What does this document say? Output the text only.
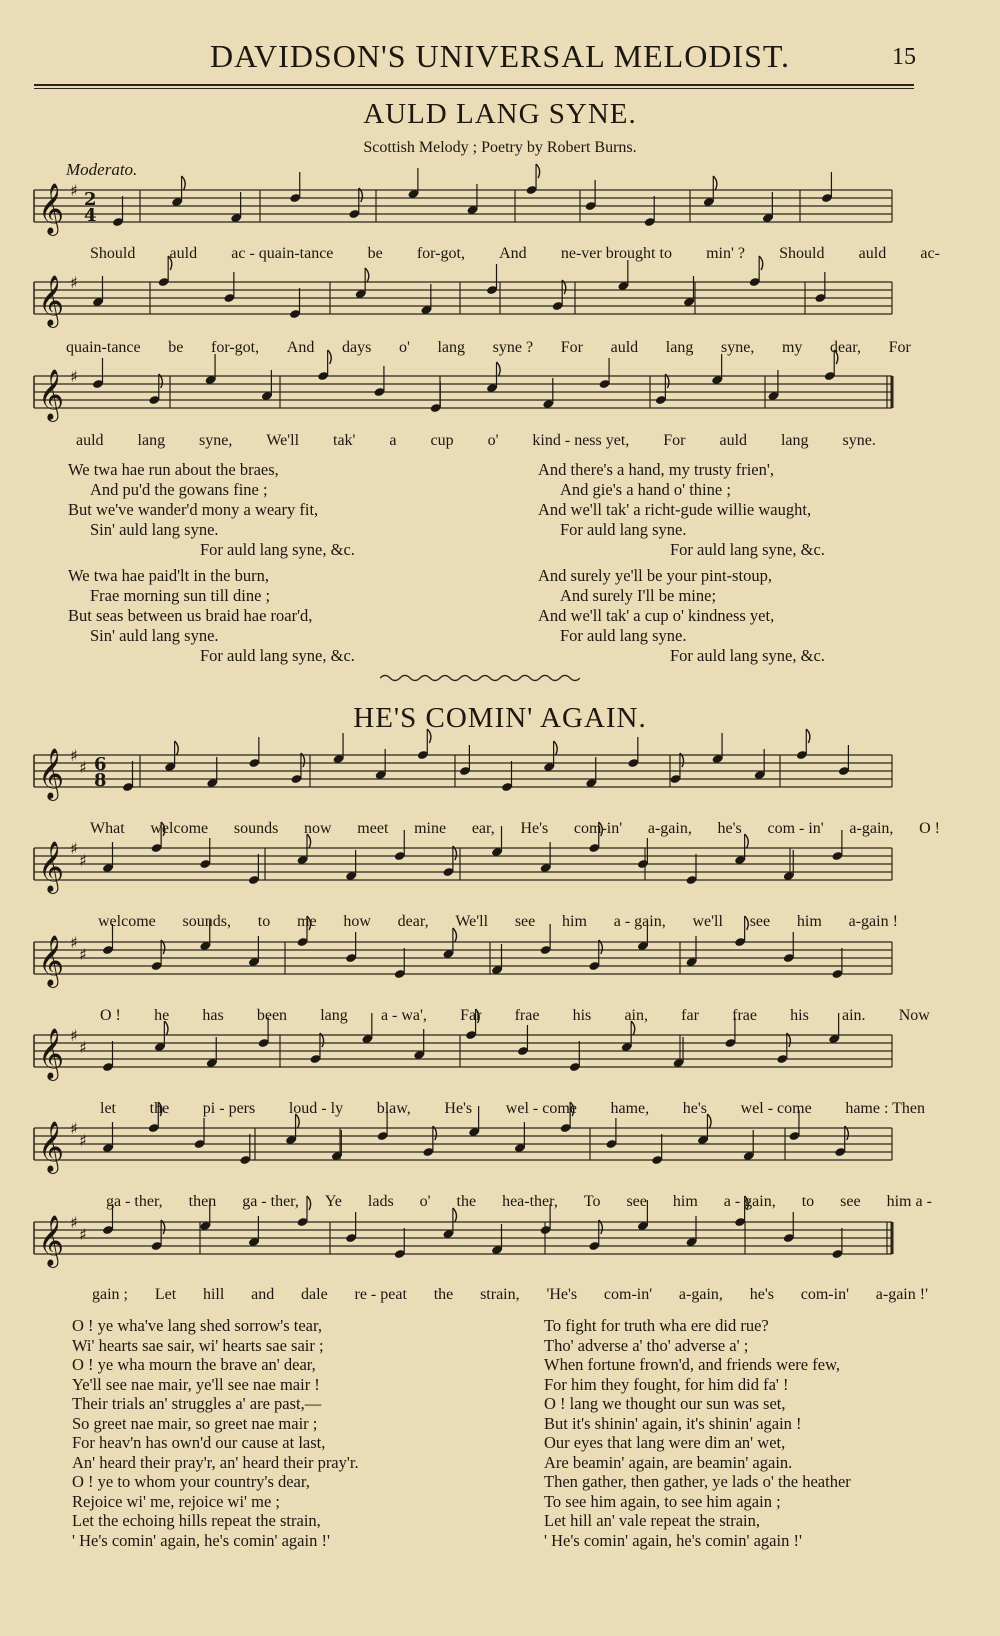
DAVIDSON'S UNIVERSAL MELODIST.	15
AULD LANG SYNE.
Scottish Melody ; Poetry by Robert Burns.
Moderato.
𝄞 ♯ 2
4
Should auld ac - quain-tance be for-got, And ne-ver brought to min' ? Should auld ac-
𝄞 ♯
quain-tance be for-got, And days o' lang syne ? For auld lang syne, my dear, For
𝄞 ♯
auld lang syne, We'll tak' a cup o' kind - ness yet, For auld lang syne.
We twa hae run about the braes,
And pu'd the gowans fine ;
But we've wander'd mony a weary fit,
Sin' auld lang syne.
For auld lang syne, &c.
We twa hae paid'lt in the burn,
Frae morning sun till dine ;
But seas between us braid hae roar'd,
Sin' auld lang syne.
For auld lang syne, &c.
And there's a hand, my trusty frien',
And gie's a hand o' thine ;
And we'll tak' a richt-gude willie waught,
For auld lang syne.
For auld lang syne, &c.
And surely ye'll be your pint-stoup,
And surely I'll be mine;
And we'll tak' a cup o' kindness yet,
For auld lang syne.
For auld lang syne, &c.
HE'S COMIN' AGAIN.
𝄞 ♯
♯ 6
8
What welcome sounds now meet mine ear, He's com-in' a-gain, he's com - in' a-gain, O !
𝄞 ♯
♯
welcome sounds, to me how dear, We'll see him a - gain, we'll see him a-gain !
𝄞 ♯
♯
O ! he has been lang a - wa', Far frae his ain, far frae his ain. Now
𝄞 ♯
♯
let the pi - pers loud - ly blaw, He's wel - come hame, he's wel - come hame : Then
𝄞 ♯
♯
ga - ther, then ga - ther, Ye lads o' the hea-ther, To see him a - gain, to see him a -
𝄞 ♯
♯
gain ; Let hill and dale re - peat the strain, 'He's com-in' a-gain, he's com-in' a-gain !'
O ! ye wha've lang shed sorrow's tear,
Wi' hearts sae sair, wi' hearts sae sair ;
O ! ye wha mourn the brave an' dear,
Ye'll see nae mair, ye'll see nae mair !
Their trials an' struggles a' are past,—
So greet nae mair, so greet nae mair ;
For heav'n has own'd our cause at last,
An' heard their pray'r, an' heard their pray'r.
O ! ye to whom your country's dear,
Rejoice wi' me, rejoice wi' me ;
Let the echoing hills repeat the strain,
' He's comin' again, he's comin' again !'
To fight for truth wha ere did rue?
Tho' adverse a' tho' adverse a' ;
When fortune frown'd, and friends were few,
For him they fought, for him did fa' !
O ! lang we thought our sun was set,
But it's shinin' again, it's shinin' again !
Our eyes that lang were dim an' wet,
Are beamin' again, are beamin' again.
Then gather, then gather, ye lads o' the heather
To see him again, to see him again ;
Let hill an' vale repeat the strain,
' He's comin' again, he's comin' again !'
